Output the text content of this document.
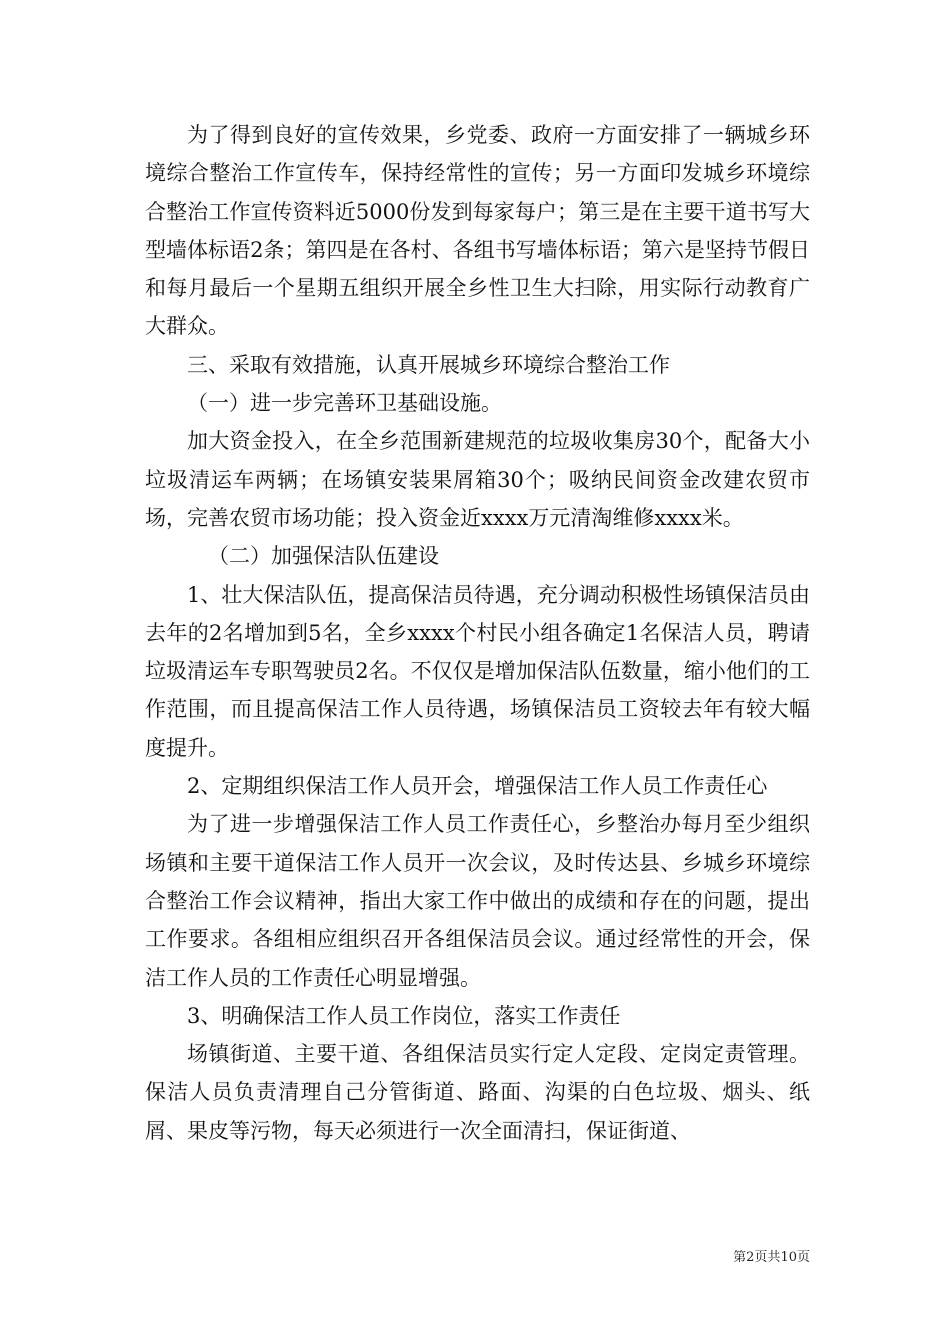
为了得到良好的宣传效果，乡党委、政府一方面安排了一辆城乡环境综合整治工作宣传车，保持经常性的宣传；另一方面印发城乡环境综合整治工作宣传资料近5000份发到每家每户；第三是在主要干道书写大型墙体标语2条；第四是在各村、各组书写墙体标语；第六是坚持节假日和每月最后一个星期五组织开展全乡性卫生大扫除，用实际行动教育广大群众。

三、采取有效措施，认真开展城乡环境综合整治工作

（一）进一步完善环卫基础设施。

加大资金投入，在全乡范围新建规范的垃圾收集房30个，配备大小垃圾清运车两辆；在场镇安装果屑箱30个；吸纳民间资金改建农贸市场，完善农贸市场功能；投入资金近xxxx万元清淘维修xxxx米。

（二）加强保洁队伍建设

1、壮大保洁队伍，提高保洁员待遇，充分调动积极性场镇保洁员由去年的2名增加到5名，全乡xxxx个村民小组各确定1名保洁人员，聘请垃圾清运车专职驾驶员2名。不仅仅是增加保洁队伍数量，缩小他们的工作范围，而且提高保洁工作人员待遇，场镇保洁员工资较去年有较大幅度提升。

2、定期组织保洁工作人员开会，增强保洁工作人员工作责任心

为了进一步增强保洁工作人员工作责任心，乡整治办每月至少组织场镇和主要干道保洁工作人员开一次会议，及时传达县、乡城乡环境综合整治工作会议精神，指出大家工作中做出的成绩和存在的问题，提出工作要求。各组相应组织召开各组保洁员会议。通过经常性的开会，保洁工作人员的工作责任心明显增强。

3、明确保洁工作人员工作岗位，落实工作责任

场镇街道、主要干道、各组保洁员实行定人定段、定岗定责管理。保洁人员负责清理自己分管街道、路面、沟渠的白色垃圾、烟头、纸屑、果皮等污物，每天必须进行一次全面清扫，保证街道、

第2页共10页
